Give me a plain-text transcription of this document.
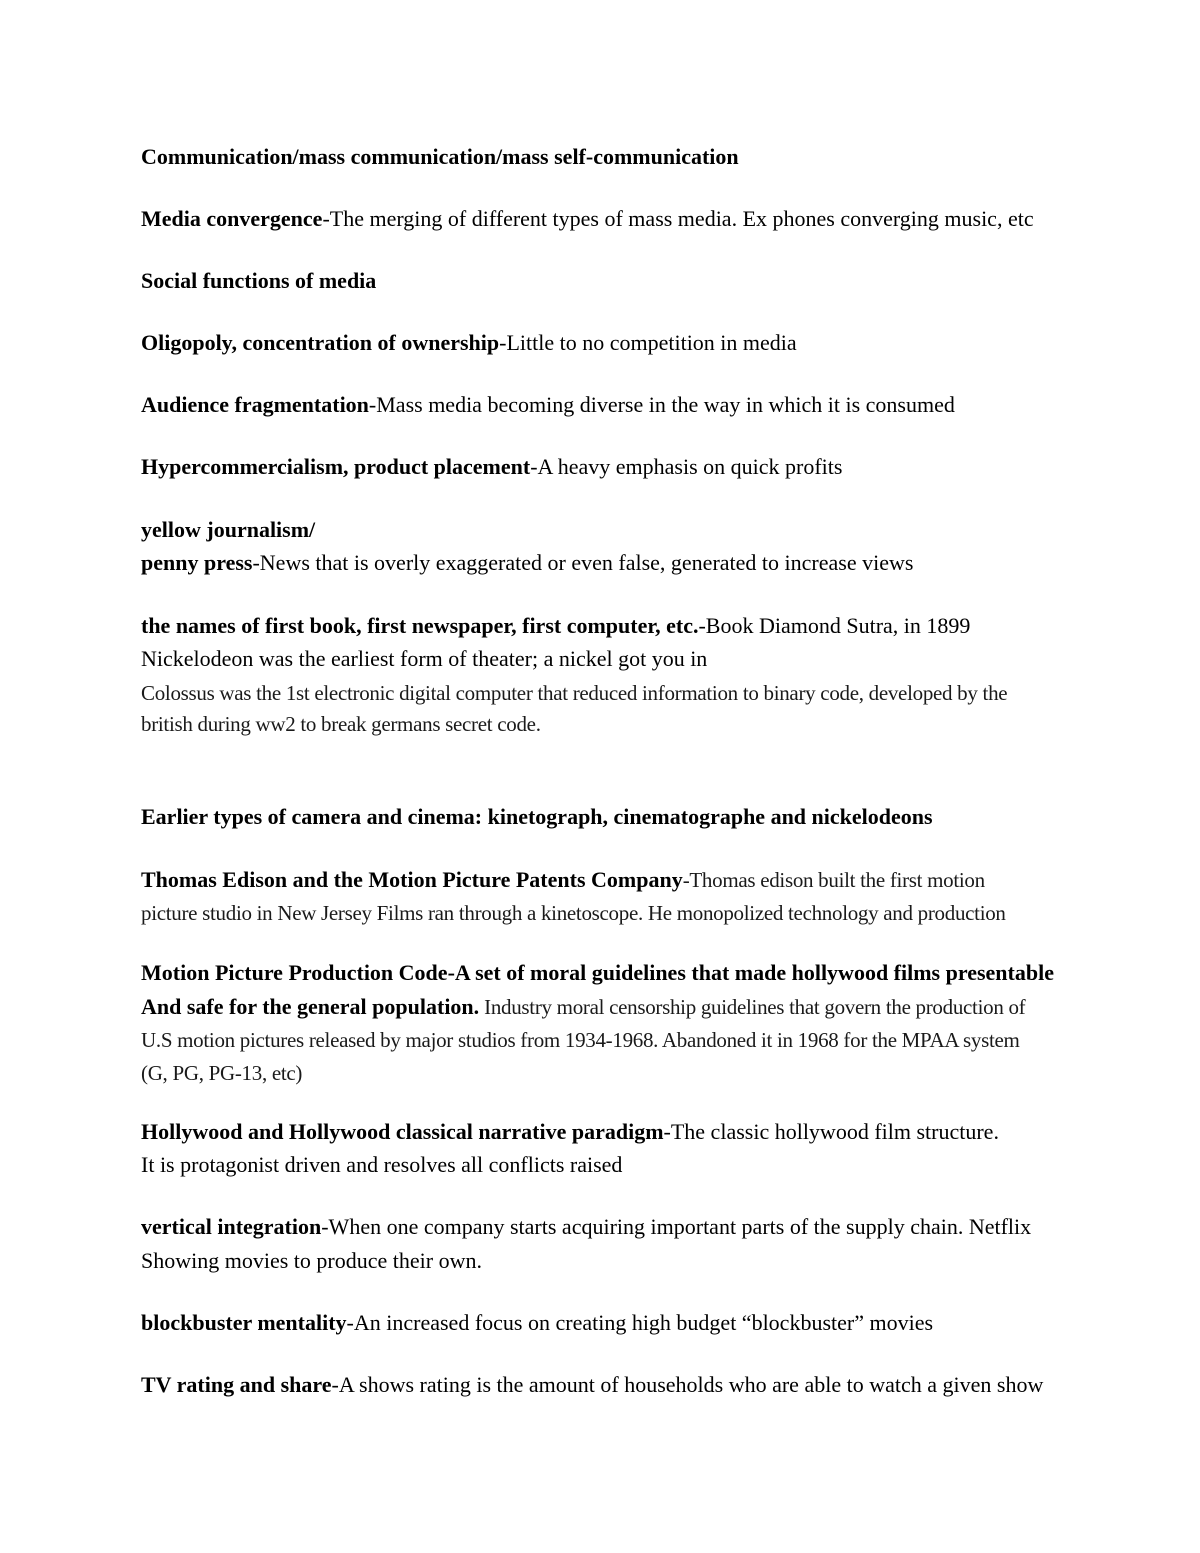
Communication/mass communication/mass self-communication
Media convergence-The merging of different types of mass media. Ex phones converging music, etc
Social functions of media
Oligopoly, concentration of ownership-Little to no competition in media
Audience fragmentation-Mass media becoming diverse in the way in which it is consumed
Hypercommercialism, product placement-A heavy emphasis on quick profits
yellow journalism/
penny press-News that is overly exaggerated or even false, generated to increase views
the names of first book, first newspaper, first computer, etc.-Book Diamond Sutra, in 1899
Nickelodeon was the earliest form of theater; a nickel got you in
Colossus was the 1st electronic digital computer that reduced information to binary code, developed by the
british during ww2 to break germans secret code.
Earlier types of camera and cinema: kinetograph, cinematographe and nickelodeons
Thomas Edison and the Motion Picture Patents Company-Thomas edison built the first motion
picture studio in New Jersey Films ran through a kinetoscope. He monopolized technology and production
Motion Picture Production Code-A set of moral guidelines that made hollywood films presentable
And safe for the general population. Industry moral censorship guidelines that govern the production of
U.S motion pictures released by major studios from 1934-1968. Abandoned it in 1968 for the MPAA system
(G, PG, PG-13, etc)
Hollywood and Hollywood classical narrative paradigm-The classic hollywood film structure.
It is protagonist driven and resolves all conflicts raised
vertical integration-When one company starts acquiring important parts of the supply chain. Netflix
Showing movies to produce their own.
blockbuster mentality-An increased focus on creating high budget “blockbuster” movies
TV rating and share-A shows rating is the amount of households who are able to watch a given show
